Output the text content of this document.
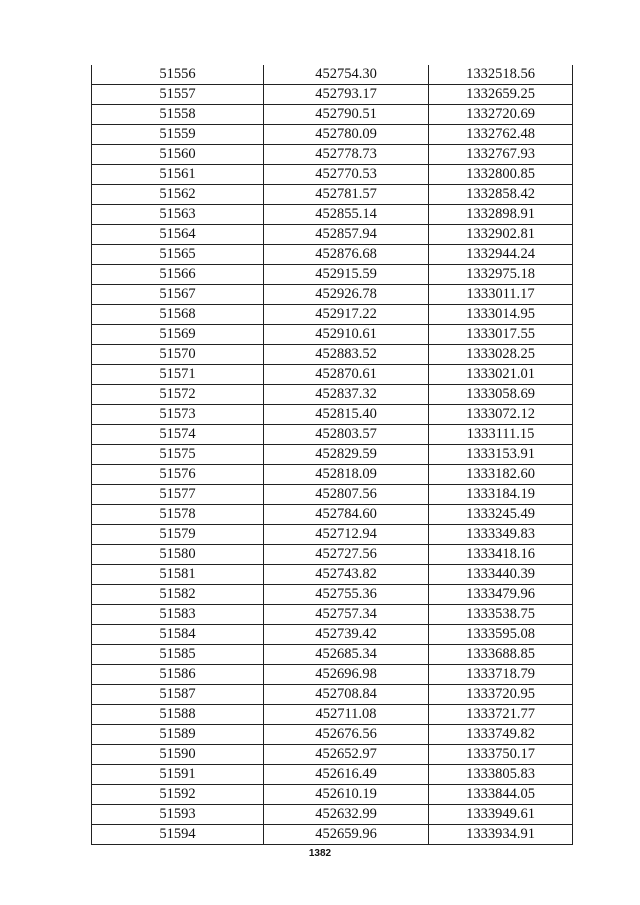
51556	452754.30	1332518.56
51557	452793.17	1332659.25
51558	452790.51	1332720.69
51559	452780.09	1332762.48
51560	452778.73	1332767.93
51561	452770.53	1332800.85
51562	452781.57	1332858.42
51563	452855.14	1332898.91
51564	452857.94	1332902.81
51565	452876.68	1332944.24
51566	452915.59	1332975.18
51567	452926.78	1333011.17
51568	452917.22	1333014.95
51569	452910.61	1333017.55
51570	452883.52	1333028.25
51571	452870.61	1333021.01
51572	452837.32	1333058.69
51573	452815.40	1333072.12
51574	452803.57	1333111.15
51575	452829.59	1333153.91
51576	452818.09	1333182.60
51577	452807.56	1333184.19
51578	452784.60	1333245.49
51579	452712.94	1333349.83
51580	452727.56	1333418.16
51581	452743.82	1333440.39
51582	452755.36	1333479.96
51583	452757.34	1333538.75
51584	452739.42	1333595.08
51585	452685.34	1333688.85
51586	452696.98	1333718.79
51587	452708.84	1333720.95
51588	452711.08	1333721.77
51589	452676.56	1333749.82
51590	452652.97	1333750.17
51591	452616.49	1333805.83
51592	452610.19	1333844.05
51593	452632.99	1333949.61
51594	452659.96	1333934.91
1382
